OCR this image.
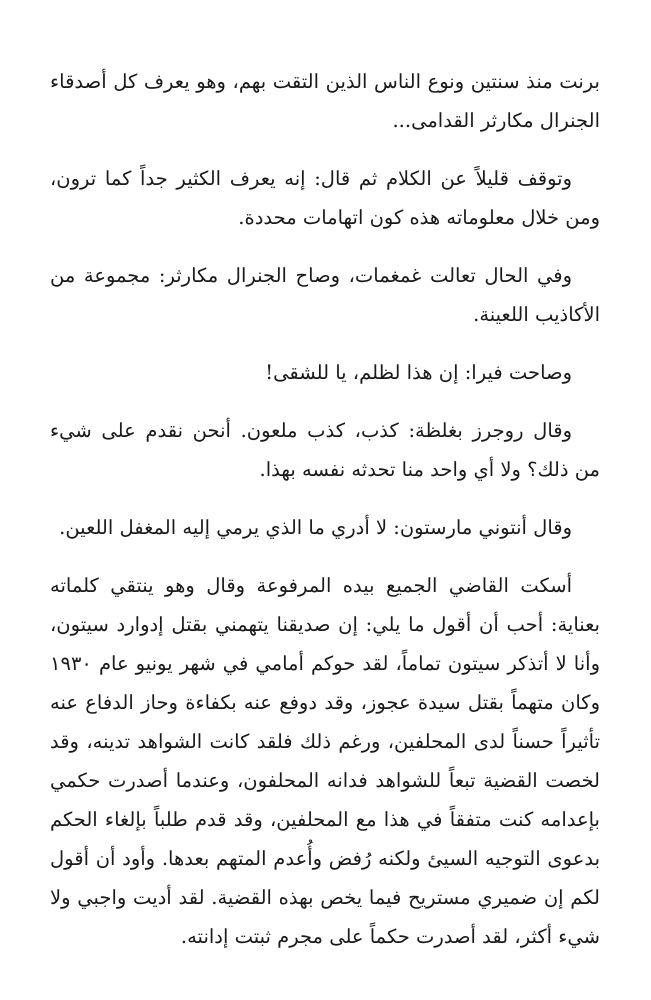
برنت منذ سنتين ونوع الناس الذين التقت بهم، وهو يعرف كل أصدقاء الجنرال مكارثر القدامى...

وتوقف قليلاً عن الكلام ثم قال: إنه يعرف الكثير جداً كما ترون، ومن خلال معلوماته هذه كون اتهامات محددة.

وفي الحال تعالت غمغمات، وصاح الجنرال مكارثر: مجموعة من الأكاذيب اللعينة.

وصاحت فيرا: إن هذا لظلم، يا للشقى!

وقال روجرز بغلظة: كذب، كذب ملعون. أنحن نقدم على شيء من ذلك؟ ولا أي واحد منا تحدثه نفسه بهذا.

وقال أنتوني مارستون: لا أدري ما الذي يرمي إليه المغفل اللعين.

أسكت القاضي الجميع بيده المرفوعة وقال وهو ينتقي كلماته بعناية: أحب أن أقول ما يلي: إن صديقنا يتهمني بقتل إدوارد سيتون، وأنا لا أتذكر سيتون تماماً، لقد حوكم أمامي في شهر يونيو عام ١٩٣٠ وكان متهماً بقتل سيدة عجوز، وقد دوفع عنه بكفاءة وحاز الدفاع عنه تأثيراً حسناً لدى المحلفين، ورغم ذلك فلقد كانت الشواهد تدينه، وقد لخصت القضية تبعاً للشواهد فدانه المحلفون، وعندما أصدرت حكمي بإعدامه كنت متفقاً في هذا مع المحلفين، وقد قدم طلباً بإلغاء الحكم بدعوى التوجيه السيئ ولكنه رُفض وأُعدم المتهم بعدها. وأود أن أقول لكم إن ضميري مستريح فيما يخص بهذه القضية. لقد أديت واجبي ولا شيء أكثر، لقد أصدرت حكماً على مجرم ثبتت إدانته.
